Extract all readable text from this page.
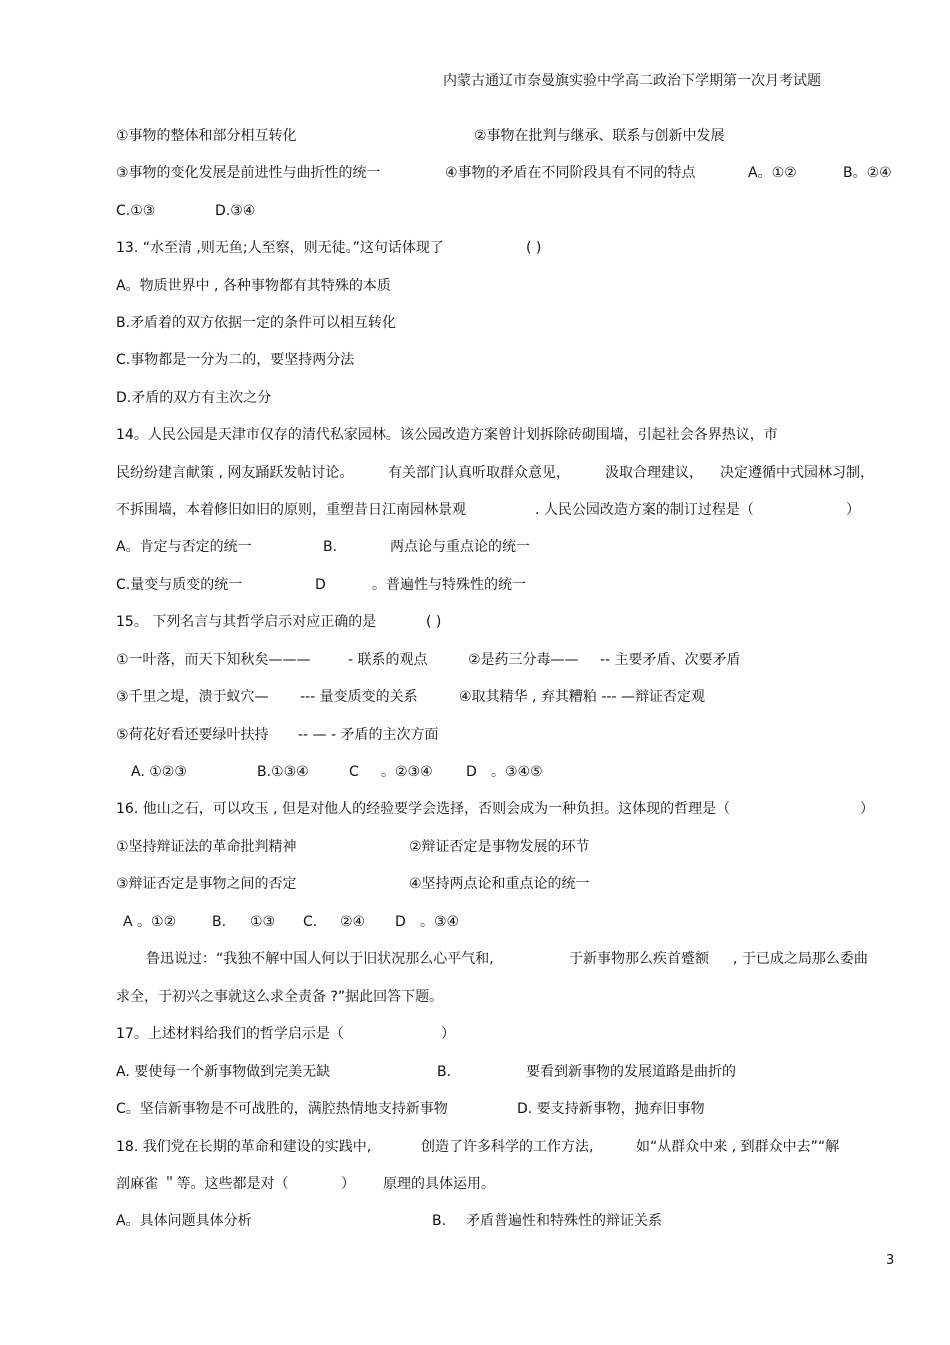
内蒙古通辽市奈曼旗实验中学高二政治下学期第一次月考试题
①事物的整体和部分相互转化	②事物在批判与继承、联系与创新中发展
③事物的变化发展是前进性与曲折性的统一	④事物的矛盾在不同阶段具有不同的特点	A。①②	B。②④
C.①③	D.③④
13. “水至清 ,则无鱼;人至察，则无徒。”这句话体现了	( )
A。物质世界中 , 各种事物都有其特殊的本质
B.矛盾着的双方依据一定的条件可以相互转化
C.事物都是一分为二的，要坚持两分法
D.矛盾的双方有主次之分
14。人民公园是天津市仅存的清代私家园林。该公园改造方案曾计划拆除砖砌围墙，引起社会各界热议，市
民纷纷建言献策 , 网友踊跃发帖讨论。 有关部门认真听取群众意见，	汲取合理建议， 决定遵循中式园林习制，
不拆围墙，本着修旧如旧的原则，重塑昔日江南园林景观	. 人民公园改造方案的制订过程是（	）
A。肯定与否定的统一	B.	两点论与重点论的统一
C.量变与质变的统一	D	。普遍性与特殊性的统一
15。 下列名言与其哲学启示对应正确的是	( )
①一叶落，而天下知秋矣———	- 联系的观点	②是药三分毒—— -- 主要矛盾、次要矛盾
③千里之堤，溃于蚁穴— --- 量变质变的关系	④取其精华 , 弃其糟粕 --- —辩证否定观
⑤荷花好看还要绿叶扶持 -- — - 矛盾的主次方面
A. ①②③	B.①③④	C 。②③④ D 。③④⑤
16. 他山之石，可以攻玉 , 但是对他人的经验要学会选择，否则会成为一种负担。这体现的哲理是（	）
①坚持辩证法的革命批判精神	②辩证否定是事物发展的环节
③辩证否定是事物之间的否定	④坚持两点论和重点论的统一
A 。①②	B. ①③ C. ②④ D 。③④
鲁迅说过：“我独不解中国人何以于旧状况那么心平气和,	于新事物那么疾首蹙额 , 于已成之局那么委曲
求全，于初兴之事就这么求全责备 ?”据此回答下题。
17。上述材料给我们的哲学启示是（	）
A. 要使每一个新事物做到完美无缺	B.	要看到新事物的发展道路是曲折的
C。坚信新事物是不可战胜的，满腔热情地支持新事物	D. 要支持新事物，抛弃旧事物
18. 我们党在长期的革命和建设的实践中,	创造了许多科学的工作方法,	如“从群众中来 , 到群众中去”“解
剖麻雀 ＂等。这些都是对（	） 原理的具体运用。
A。具体问题具体分析	B. 矛盾普遍性和特殊性的辩证关系
3
